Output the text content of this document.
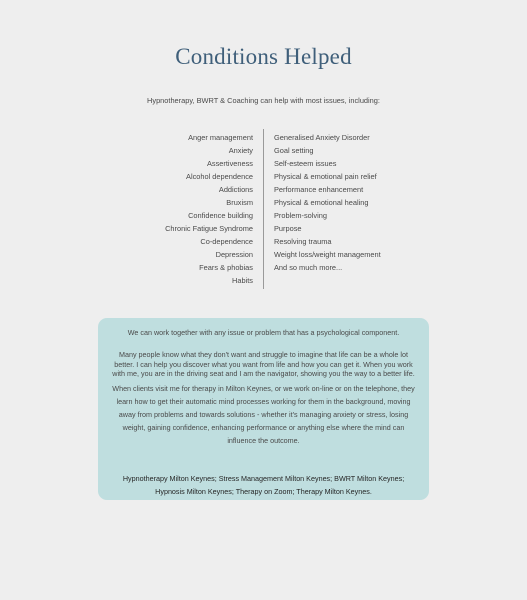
Conditions Helped
Hypnotherapy, BWRT & Coaching can help with most issues, including:
Anger management
Anxiety
Assertiveness
Alcohol dependence
Addictions
Bruxism
Confidence building
Chronic Fatigue Syndrome
Co-dependence
Depression
Fears & phobias
Habits
Generalised Anxiety Disorder
Goal setting
Self-esteem issues
Physical & emotional pain relief
Performance enhancement
Physical & emotional healing
Problem-solving
Purpose
Resolving trauma
Weight loss/weight management
And so much more...

We can work together with any issue or problem that has a psychological component.

Many people know what they don't want and struggle to imagine that life can be a whole lot better. I can help you discover what you want from life and how you can get it. When you work with me, you are in the driving seat and I am the navigator, showing you the way to a better life.

When clients visit me for therapy in Milton Keynes, or we work on-line or on the telephone, they learn how to get their automatic mind processes working for them in the background, moving away from problems and towards solutions - whether it's managing anxiety or stress, losing weight, gaining confidence, enhancing performance or anything else where the mind can influence the outcome.

Hypnotherapy Milton Keynes; Stress Management Milton Keynes; BWRT Milton Keynes; Hypnosis Milton Keynes; Therapy on Zoom; Therapy Milton Keynes.
